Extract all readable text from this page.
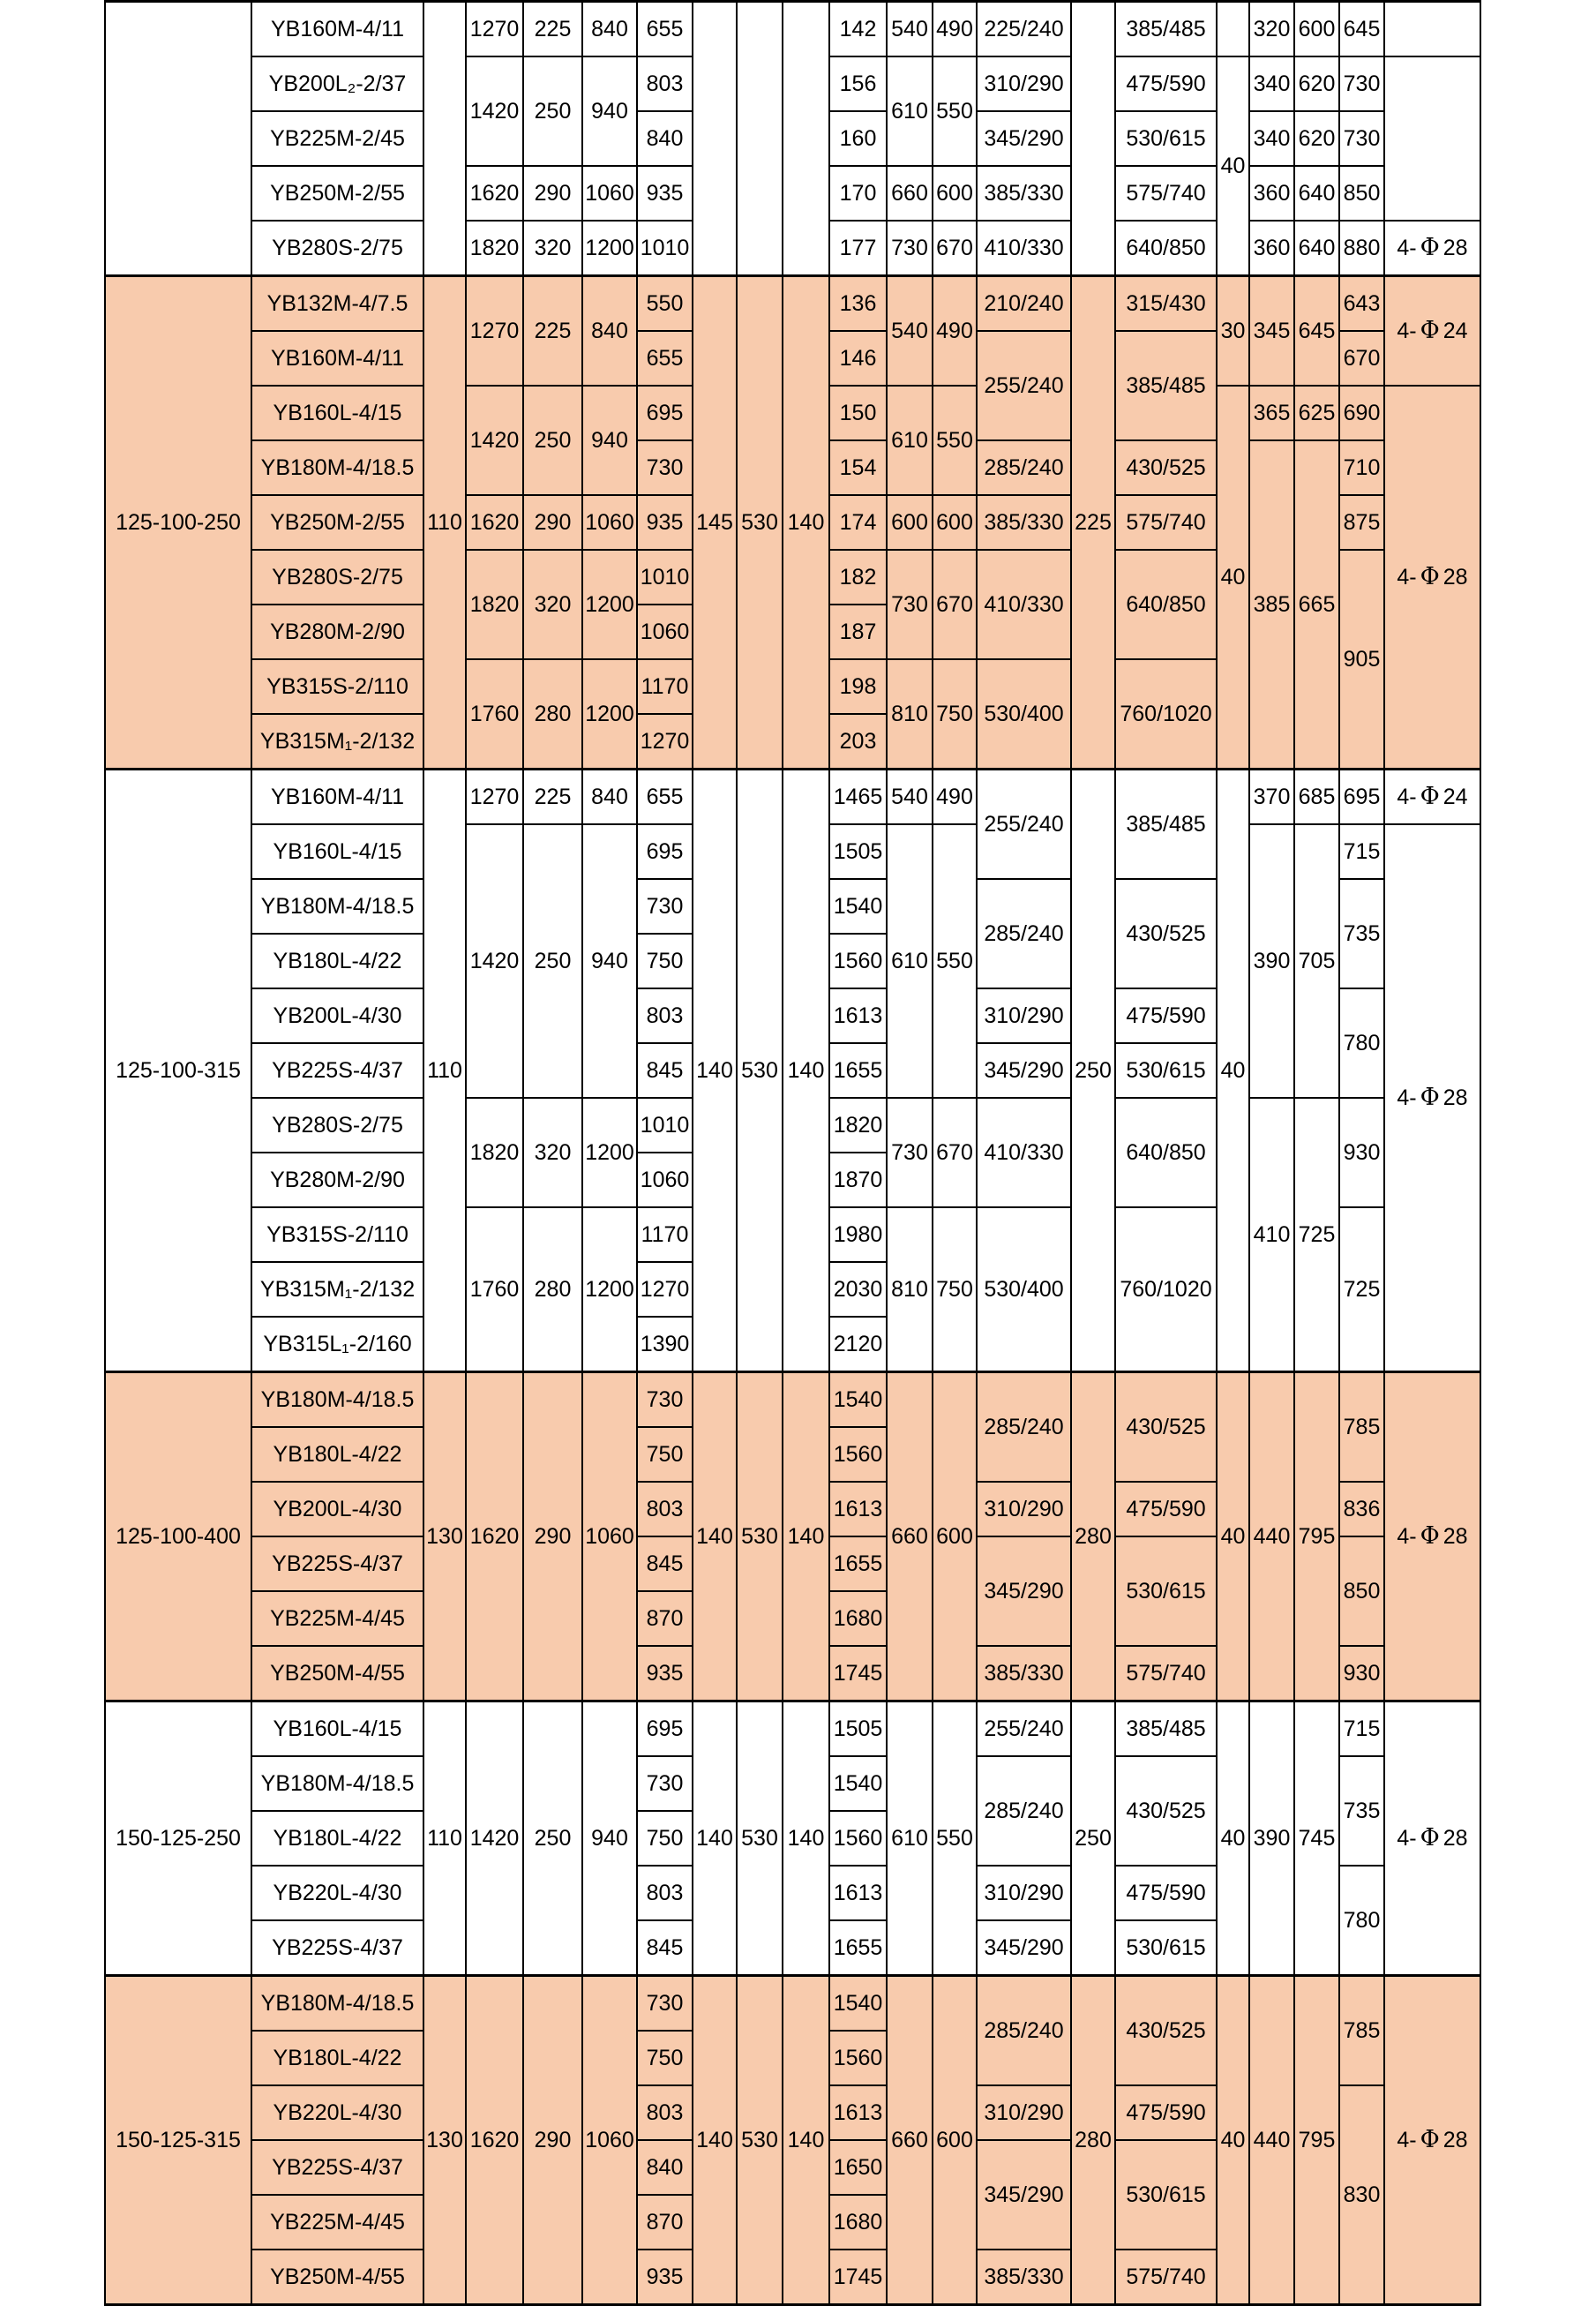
	YB160M-4/11		1270	225	840	655				142	540	490	225/240		385/485		320	600	645	
	YB200L₂-2/37		1420	250	940	803				156	610	550	310/290		475/590	40	340	620	730	
	YB225M-2/45					840				160			345/290		530/615		340	620	730	
	YB250M-2/55		1620	290	1060	935				170	660	600	385/330		575/740		360	640	850	
	YB280S-2/75		1820	320	1200	1010				177	730	670	410/330		640/850		360	640	880	4- Φ 28
125-100-250	YB132M-4/7.5	110	1270	225	840	550	145	530	140	136	540	490	210/240	225	315/430	30	345	645	643	4- Φ 24
	YB160M-4/11					655				146			255/240		385/485				670	
	YB160L-4/15		1420	250	940	695				150	610	550				40	365	625	690	4- Φ 28
	YB180M-4/18.5					730				154			285/240		430/525		385	665	710	
	YB250M-2/55		1620	290	1060	935				174	600	600	385/330		575/740				875	
	YB280S-2/75		1820	320	1200	1010				182	730	670	410/330		640/850				905	
	YB280M-2/90					1060				187										
	YB315S-2/110		1760	280	1200	1170				198	810	750	530/400		760/1020					
	YB315M₁-2/132					1270				203										
125-100-315	YB160M-4/11	110	1270	225	840	655	140	530	140	1465	540	490	255/240	250	385/485	40	370	685	695	4- Φ 24
	YB160L-4/15		1420	250	940	695				1505	610	550					390	705	715	4- Φ 28
	YB180M-4/18.5					730				1540			285/240		430/525				735	
	YB180L-4/22					750				1560										
	YB200L-4/30					803				1613			310/290		475/590				780	
	YB225S-4/37					845				1655			345/290		530/615					
	YB280S-2/75		1820	320	1200	1010				1820	730	670	410/330		640/850		410	725	930	
	YB280M-2/90					1060				1870										
	YB315S-2/110		1760	280	1200	1170				1980	810	750	530/400		760/1020				725	
	YB315M₁-2/132					1270				2030										
	YB315L₁-2/160					1390				2120										
125-100-400	YB180M-4/18.5	130	1620	290	1060	730	140	530	140	1540	660	600	285/240	280	430/525	40	440	795	785	4- Φ 28
	YB180L-4/22					750				1560										
	YB200L-4/30					803				1613			310/290		475/590				836	
	YB225S-4/37					845				1655			345/290		530/615				850	
	YB225M-4/45					870				1680										
	YB250M-4/55					935				1745			385/330		575/740				930	
150-125-250	YB160L-4/15	110	1420	250	940	695	140	530	140	1505	610	550	255/240	250	385/485	40	390	745	715	4- Φ 28
	YB180M-4/18.5					730				1540			285/240		430/525				735	
	YB180L-4/22					750				1560										
	YB220L-4/30					803				1613			310/290		475/590				780	
	YB225S-4/37					845				1655			345/290		530/615					
150-125-315	YB180M-4/18.5	130	1620	290	1060	730	140	530	140	1540	660	600	285/240	280	430/525	40	440	795	785	4- Φ 28
	YB180L-4/22					750				1560										
	YB220L-4/30					803				1613			310/290		475/590				830	
	YB225S-4/37					840				1650			345/290		530/615					
	YB225M-4/45					870				1680										
	YB250M-4/55					935				1745			385/330		575/740					
